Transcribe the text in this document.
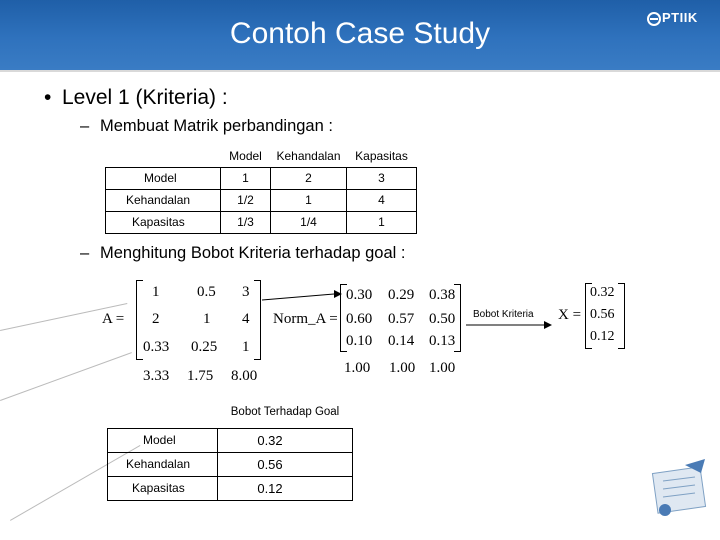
Contoh Case Study	PTIIK
• Level 1 (Kriteria) :
– Membuat Matrik perbandingan :
– Menghitung Bobot Kriteria terhadap goal :
	Model	Kehandalan	Kapasitas
Model	1	2	3
Kehandalan	1/2	1	4
Kapasitas	1/3	1/4	1
A =
1	0.5 3
2	1 4
0.33 0.25 1
3.33 1.75 8.00
Norm_A =
0.30 0.29 0.38
0.60 0.57 0.50
0.10 0.14 0.13
1.00 1.00 1.00
Bobot Kriteria X =
0.32
0.56
0.12
	Bobot Terhadap Goal
Model	0.32
Kehandalan	0.56
Kapasitas	0.12
